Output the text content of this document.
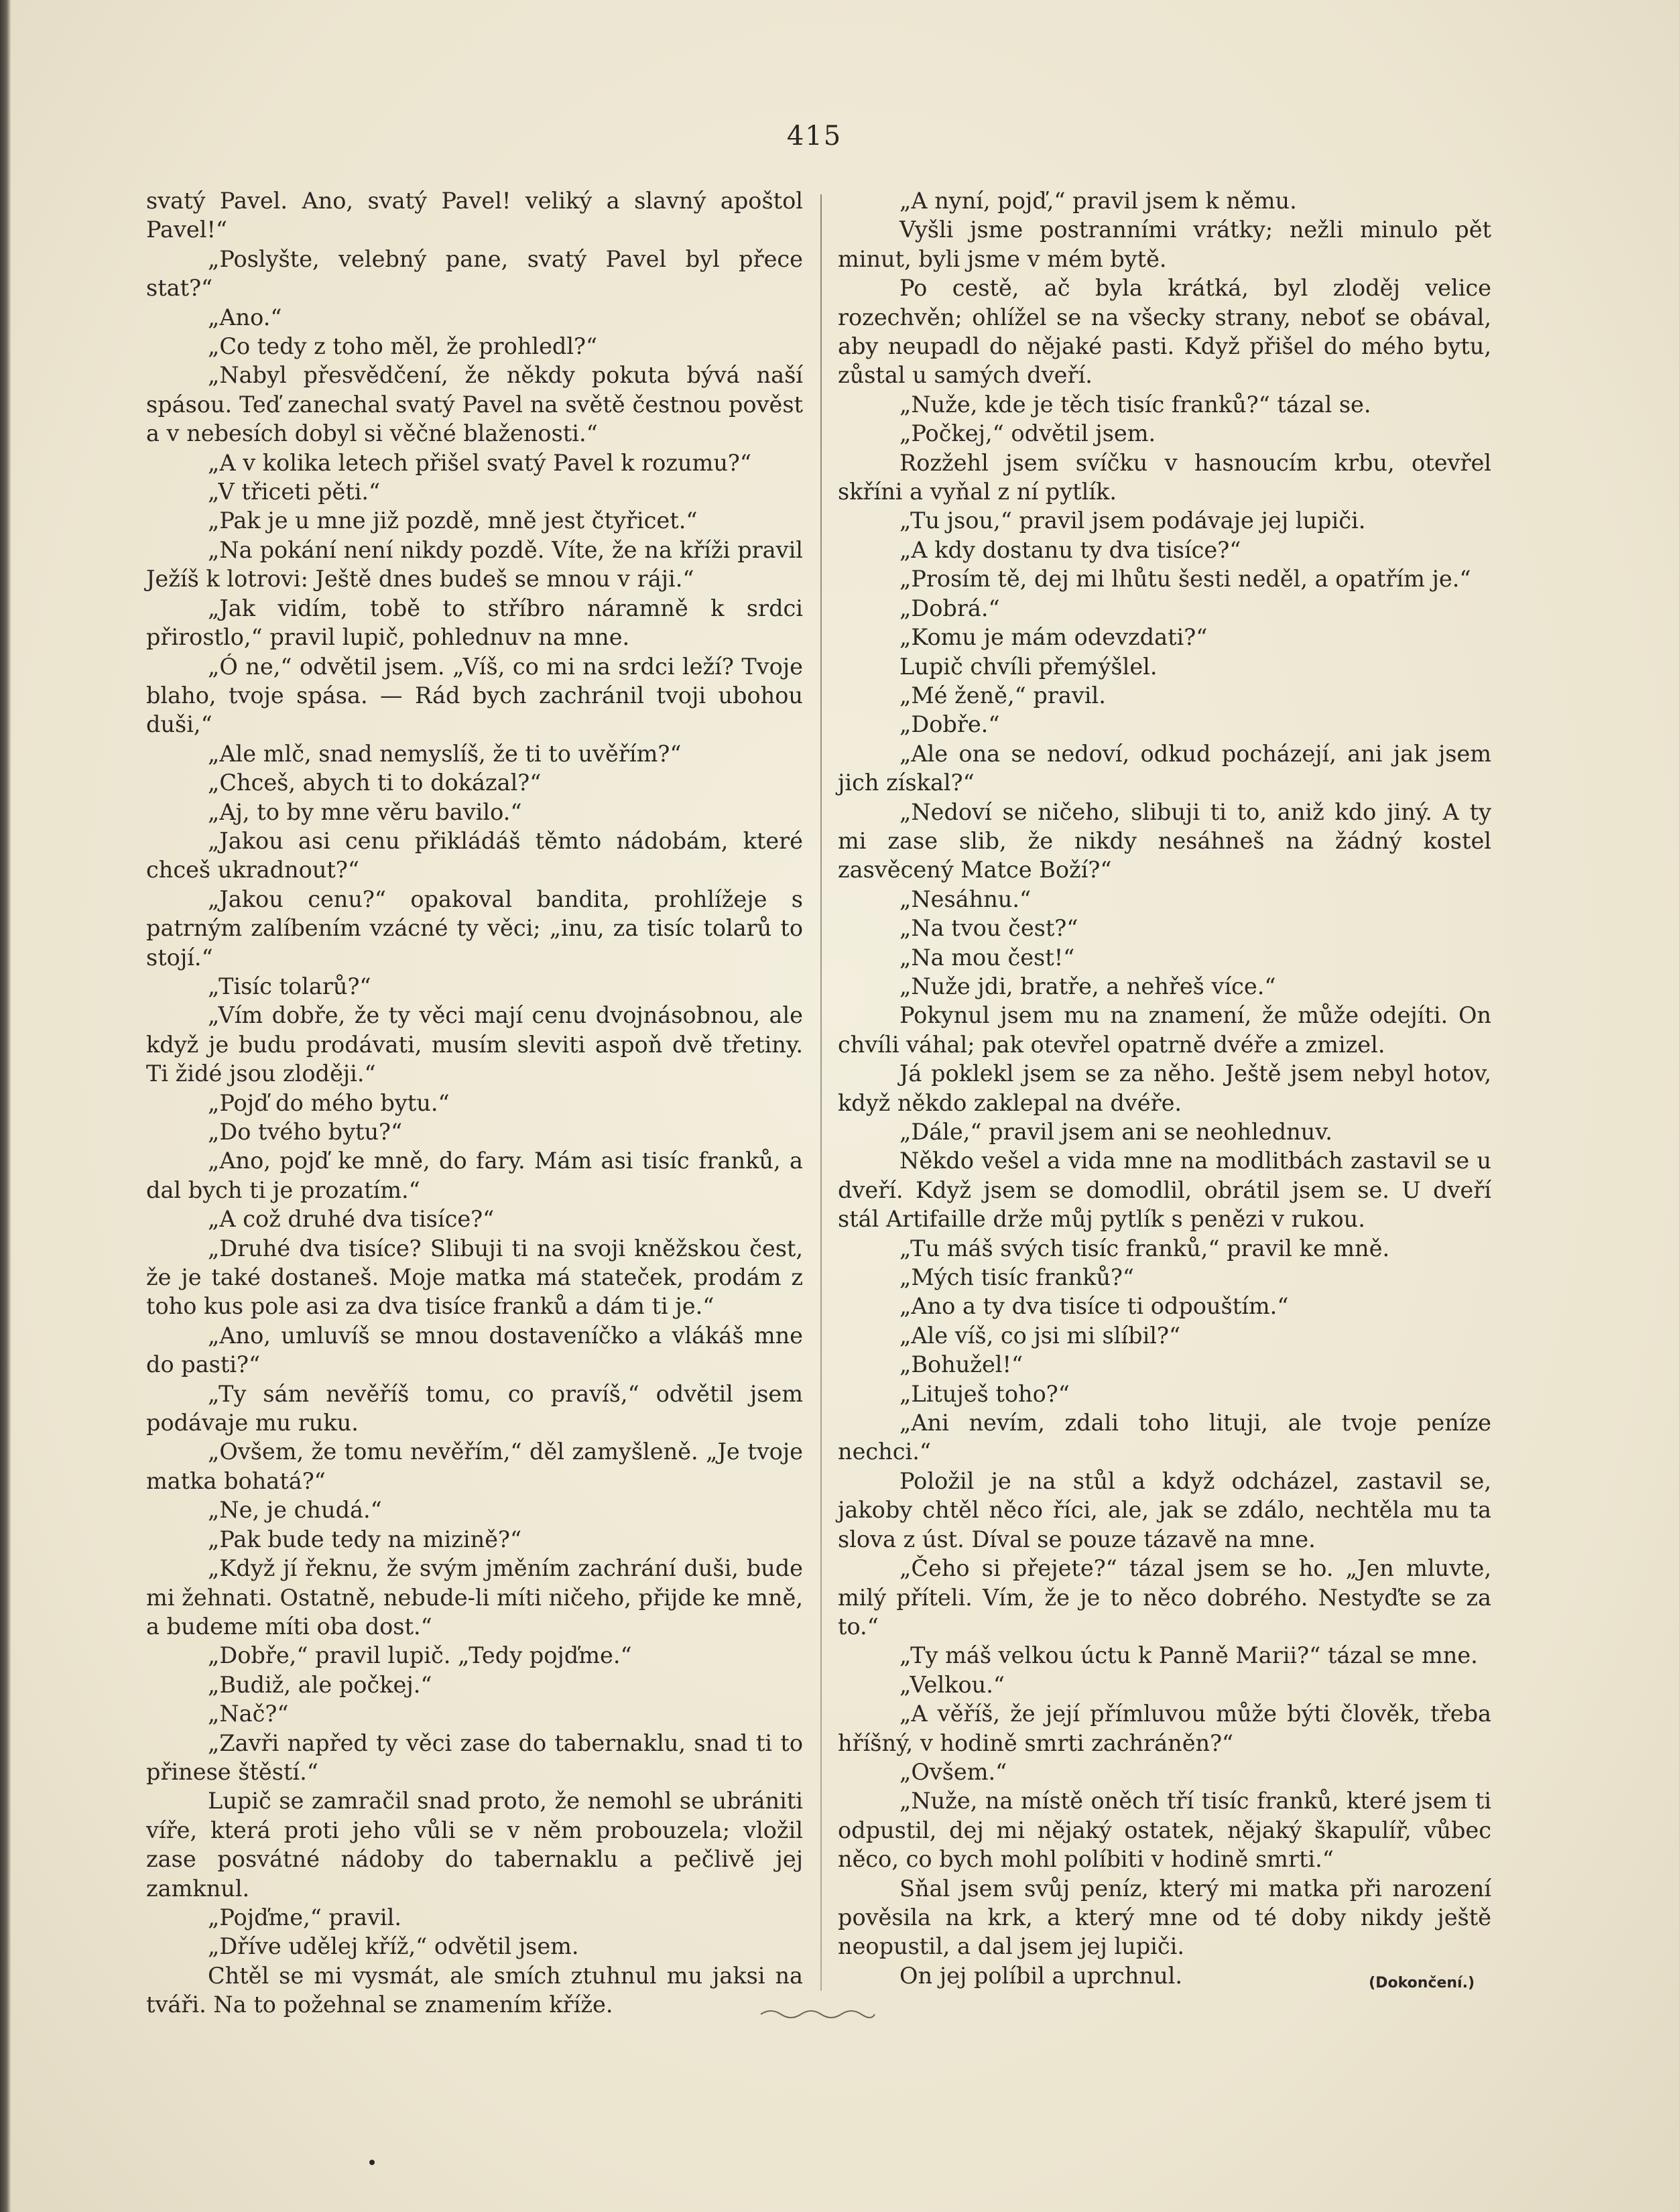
415

svatý Pavel. Ano, svatý Pavel! veliký a slavný apoštol Pavel!“

„Poslyšte, velebný pane, svatý Pavel byl přece stat?“

„Ano.“

„Co tedy z toho měl, že prohledl?“

„Nabyl přesvědčení, že někdy pokuta bývá naší spásou. Teď zanechal svatý Pavel na světě čestnou pověst a v nebesích dobyl si věčné blaženosti.“

„A v kolika letech přišel svatý Pavel k rozumu?“

„V třiceti pěti.“

„Pak je u mne již pozdě, mně jest čtyřicet.“

„Na pokání není nikdy pozdě. Víte, že na kříži pravil Ježíš k lotrovi: Ještě dnes budeš se mnou v ráji.“

„Jak vidím, tobě to stříbro náramně k srdci přirostlo,“ pravil lupič, pohlednuv na mne.

„Ó ne,“ odvětil jsem. „Víš, co mi na srdci leží? Tvoje blaho, tvoje spása. — Rád bych zachránil tvoji ubohou duši,“

„Ale mlč, snad nemyslíš, že ti to uvěřím?“

„Chceš, abych ti to dokázal?“

„Aj, to by mne věru bavilo.“

„Jakou asi cenu přikládáš těmto nádobám, které chceš ukradnout?“

„Jakou cenu?“ opakoval bandita, prohlížeje s patrným zalíbením vzácné ty věci; „inu, za tisíc tolarů to stojí.“

„Tisíc tolarů?“

„Vím dobře, že ty věci mají cenu dvojnásobnou, ale když je budu prodávati, musím sleviti aspoň dvě třetiny. Ti židé jsou zloději.“

„Pojď do mého bytu.“

„Do tvého bytu?“

„Ano, pojď ke mně, do fary. Mám asi tisíc franků, a dal bych ti je prozatím.“

„A což druhé dva tisíce?“

„Druhé dva tisíce? Slibuji ti na svoji kněžskou čest, že je také dostaneš. Moje matka má stateček, prodám z toho kus pole asi za dva tisíce franků a dám ti je.“

„Ano, umluvíš se mnou dostaveníčko a vlákáš mne do pasti?“

„Ty sám nevěříš tomu, co pravíš,“ odvětil jsem podávaje mu ruku.

„Ovšem, že tomu nevěřím,“ děl zamyšleně. „Je tvoje matka bohatá?“

„Ne, je chudá.“

„Pak bude tedy na mizině?“

„Když jí řeknu, že svým jměním zachrání duši, bude mi žehnati. Ostatně, nebude-li míti ničeho, přijde ke mně, a budeme míti oba dost.“

„Dobře,“ pravil lupič. „Tedy pojďme.“

„Budiž, ale počkej.“

„Nač?“

„Zavři napřed ty věci zase do tabernaklu, snad ti to přinese štěstí.“

Lupič se zamračil snad proto, že nemohl se ubrániti víře, která proti jeho vůli se v něm probouzela; vložil zase posvátné nádoby do tabernaklu a pečlivě jej zamknul.

„Pojďme,“ pravil.

„Dříve udělej kříž,“ odvětil jsem.

Chtěl se mi vysmát, ale smích ztuhnul mu jaksi na tváři. Na to požehnal se znamením kříže.

„A nyní, pojď,“ pravil jsem k němu.

Vyšli jsme postranními vrátky; nežli minulo pět minut, byli jsme v mém bytě.

Po cestě, ač byla krátká, byl zloděj velice rozechvěn; ohlížel se na všecky strany, neboť se obával, aby neupadl do nějaké pasti. Když přišel do mého bytu, zůstal u samých dveří.

„Nuže, kde je těch tisíc franků?“ tázal se.

„Počkej,“ odvětil jsem.

Rozžehl jsem svíčku v hasnoucím krbu, otevřel skříni a vyňal z ní pytlík.

„Tu jsou,“ pravil jsem podávaje jej lupiči.

„A kdy dostanu ty dva tisíce?“

„Prosím tě, dej mi lhůtu šesti neděl, a opatřím je.“

„Dobrá.“

„Komu je mám odevzdati?“

Lupič chvíli přemýšlel.

„Mé ženě,“ pravil.

„Dobře.“

„Ale ona se nedoví, odkud pocházejí, ani jak jsem jich získal?“

„Nedoví se ničeho, slibuji ti to, aniž kdo jiný. A ty mi zase slib, že nikdy nesáhneš na žádný kostel zasvěcený Matce Boží?“

„Nesáhnu.“

„Na tvou čest?“

„Na mou čest!“

„Nuže jdi, bratře, a nehřeš více.“

Pokynul jsem mu na znamení, že může odejíti. On chvíli váhal; pak otevřel opatrně dvéře a zmizel.

Já poklekl jsem se za něho. Ještě jsem nebyl hotov, když někdo zaklepal na dvéře.

„Dále,“ pravil jsem ani se neohlednuv.

Někdo vešel a vida mne na modlitbách zastavil se u dveří. Když jsem se domodlil, obrátil jsem se. U dveří stál Artifaille drže můj pytlík s penězi v rukou.

„Tu máš svých tisíc franků,“ pravil ke mně.

„Mých tisíc franků?“

„Ano a ty dva tisíce ti odpouštím.“

„Ale víš, co jsi mi slíbil?“

„Bohužel!“

„Lituješ toho?“

„Ani nevím, zdali toho lituji, ale tvoje peníze nechci.“

Položil je na stůl a když odcházel, zastavil se, jakoby chtěl něco říci, ale, jak se zdálo, nechtěla mu ta slova z úst. Díval se pouze tázavě na mne.

„Čeho si přejete?“ tázal jsem se ho. „Jen mluvte, milý příteli. Vím, že je to něco dobrého. Nestyďte se za to.“

„Ty máš velkou úctu k Panně Marii?“ tázal se mne.

„Velkou.“

„A věříš, že její přímluvou může býti člověk, třeba hříšný, v hodině smrti zachráněn?“

„Ovšem.“

„Nuže, na místě oněch tří tisíc franků, které jsem ti odpustil, dej mi nějaký ostatek, nějaký škapulíř, vůbec něco, co bych mohl políbiti v hodině smrti.“

Sňal jsem svůj peníz, který mi matka při narození pověsila na krk, a který mne od té doby nikdy ještě neopustil, a dal jsem jej lupiči.

On jej políbil a uprchnul.	(Dokončení.)
